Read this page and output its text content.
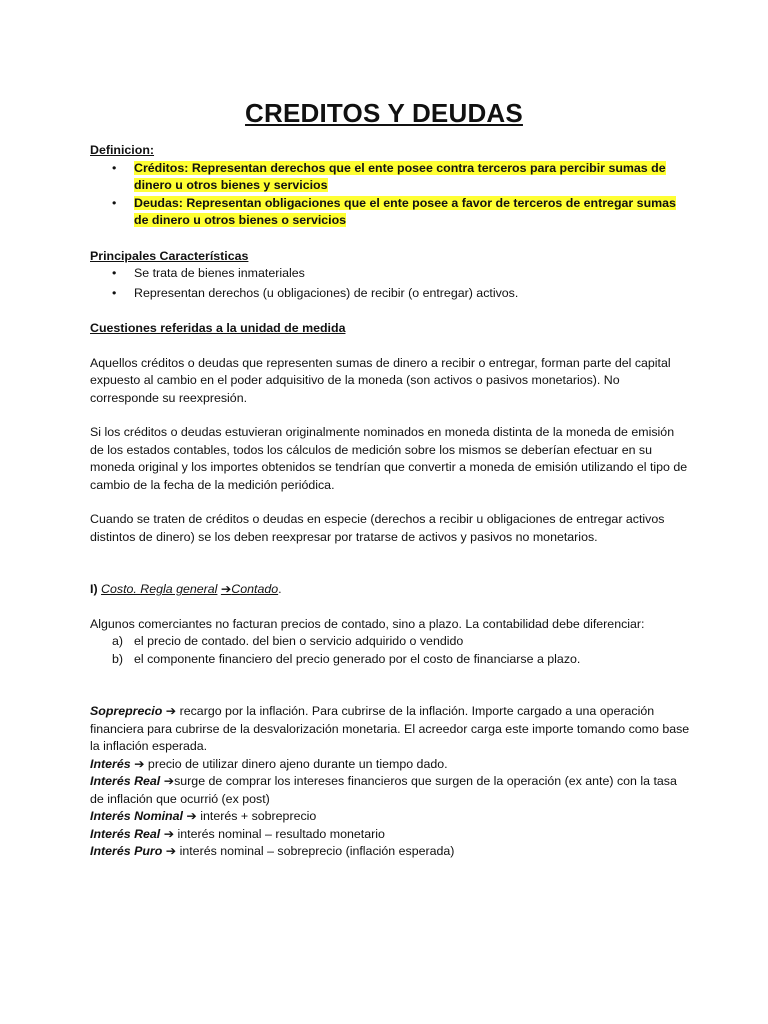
CREDITOS Y DEUDAS
Definicion:
• Créditos: Representan derechos que el ente posee contra terceros para percibir sumas de dinero u otros bienes y servicios
• Deudas: Representan obligaciones que el ente posee a favor de terceros de entregar sumas de dinero u otros bienes o servicios
Principales Características
• Se trata de bienes inmateriales
• Representan derechos (u obligaciones) de recibir (o entregar) activos.
Cuestiones referidas a la unidad de medida

Aquellos créditos o deudas que representen sumas de dinero a recibir o entregar, forman parte del capital expuesto al cambio en el poder adquisitivo de la moneda (son activos o pasivos monetarios). No corresponde su reexpresión.

Si los créditos o deudas estuvieran originalmente nominados en moneda distinta de la moneda de emisión de los estados contables, todos los cálculos de medición sobre los mismos se deberían efectuar en su moneda original y los importes obtenidos se tendrían que convertir a moneda de emisión utilizando el tipo de cambio de la fecha de la medición periódica.

Cuando se traten de créditos o deudas en especie (derechos a recibir u obligaciones de entregar activos distintos de dinero) se los deben reexpresar por tratarse de activos y pasivos no monetarios.

I) Costo. Regla general ➔Contado.

Algunos comerciantes no facturan precios de contado, sino a plazo. La contabilidad debe diferenciar:

a) el precio de contado. del bien o servicio adquirido o vendido
b) el componente financiero del precio generado por el costo de financiarse a plazo.

Sopreprecio ➔ recargo por la inflación. Para cubrirse de la inflación. Importe cargado a una operación financiera para cubrirse de la desvalorización monetaria. El acreedor carga este importe tomando como base la inflación esperada.

Interés ➔ precio de utilizar dinero ajeno durante un tiempo dado.

Interés Real ➔surge de comprar los intereses financieros que surgen de la operación (ex ante) con la tasa de inflación que ocurrió (ex post)

Interés Nominal ➔ interés + sobreprecio

Interés Real ➔ interés nominal – resultado monetario

Interés Puro ➔ interés nominal – sobreprecio (inflación esperada)
